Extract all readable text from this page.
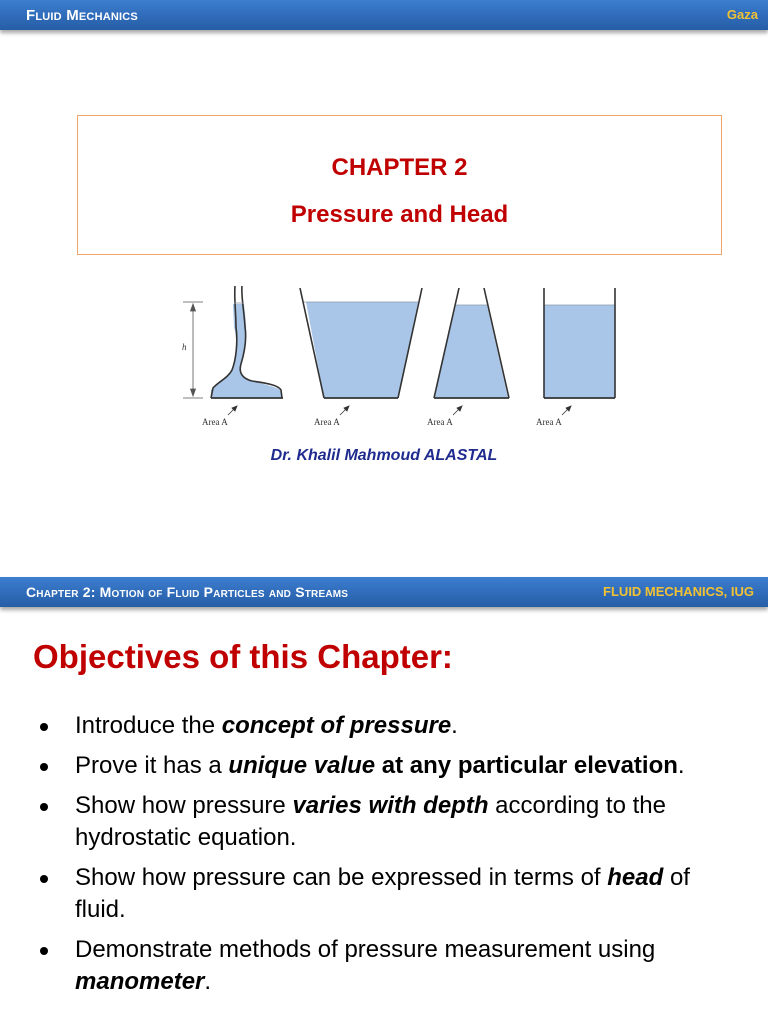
Fluid Mechanics	Gaza
CHAPTER 2
Pressure and Head
h
Area A	Area A	Area A	Area A
Dr. Khalil Mahmoud ALASTAL
Chapter 2: Motion of Fluid Particles and Streams	FLUID MECHANICS, IUG
Objectives of this Chapter:
Introduce the concept of pressure.
Prove it has a unique value at any particular elevation.
Show how pressure varies with depth according to the hydrostatic equation.
Show how pressure can be expressed in terms of head of fluid.
Demonstrate methods of pressure measurement using manometer.
